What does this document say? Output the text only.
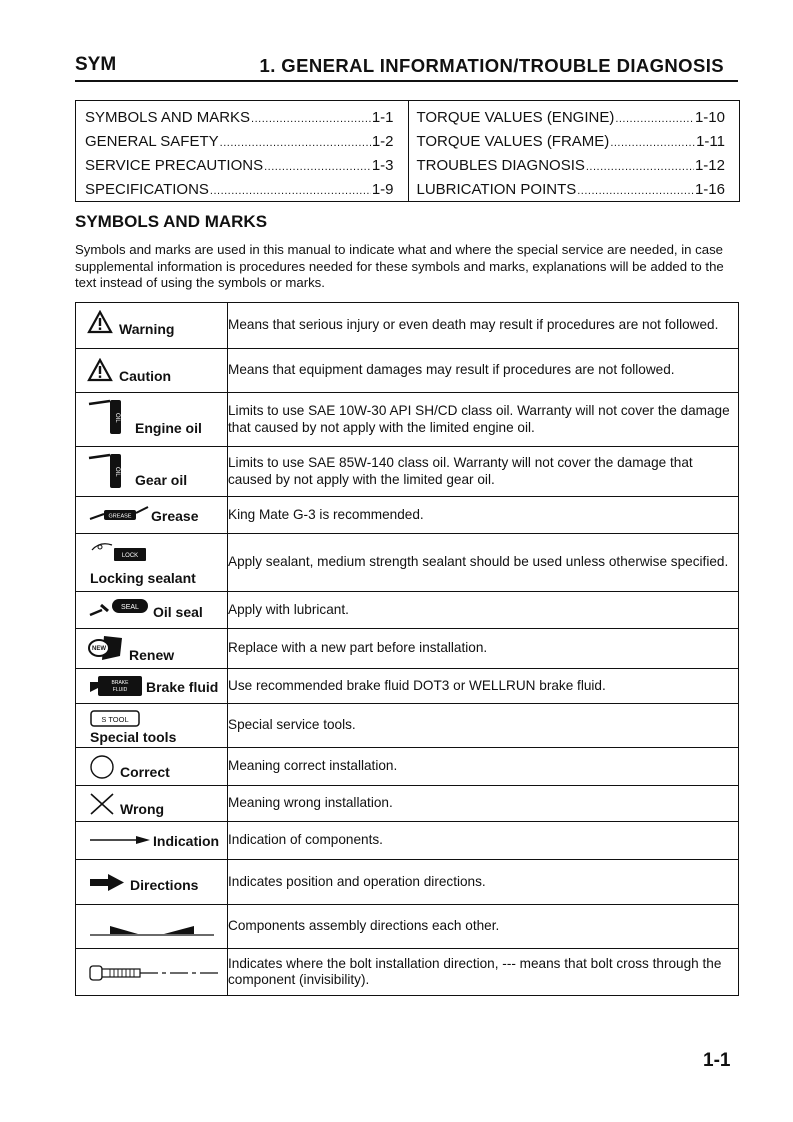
SYM	1. GENERAL INFORMATION/TROUBLE DIAGNOSIS
SYMBOLS AND MARKS .....	1-1
GENERAL SAFETY .....	1-2
SERVICE PRECAUTIONS .....	1-3
SPECIFICATIONS .....	1-9
TORQUE VALUES (ENGINE) .....	1-10
TORQUE VALUES (FRAME) .....	1-11
TROUBLES DIAGNOSIS .....	1-12
LUBRICATION POINTS .....	1-16
SYMBOLS AND MARKS
Symbols and marks are used in this manual to indicate what and where the special service are needed, in case supplemental information is procedures needed for these symbols and marks, explanations will be added to the text instead of using the symbols or marks.
Warning	Means that serious injury or even death may result if procedures are not followed.

Caution	Means that equipment damages may result if procedures are not followed.

OIL
Engine oil	Limits to use SAE 10W-30 API SH/CD class oil. Warranty will not cover the damage that caused by not apply with the limited engine oil.

OIL
Gear oil	Limits to use SAE 85W-140 class oil. Warranty will not cover the damage that caused by not apply with the limited gear oil.

GREASE Grease	King Mate G-3 is recommended.

LOCK
Locking sealant	Apply sealant, medium strength sealant should be used unless otherwise specified.

SEAL Oil seal	Apply with lubricant.

NEW Renew	Replace with a new part before installation.

BRAKE
FLUID Brake fluid	Use recommended brake fluid DOT3 or WELLRUN brake fluid.

S TOOL
Special tools	Special service tools.

Correct	Meaning correct installation.

Wrong	Meaning wrong installation.

Indication	Indication of components.

Directions	Indicates position and operation directions.

	Components assembly directions each other.

	Indicates where the bolt installation direction, --- means that bolt cross through the component (invisibility).
1-1
